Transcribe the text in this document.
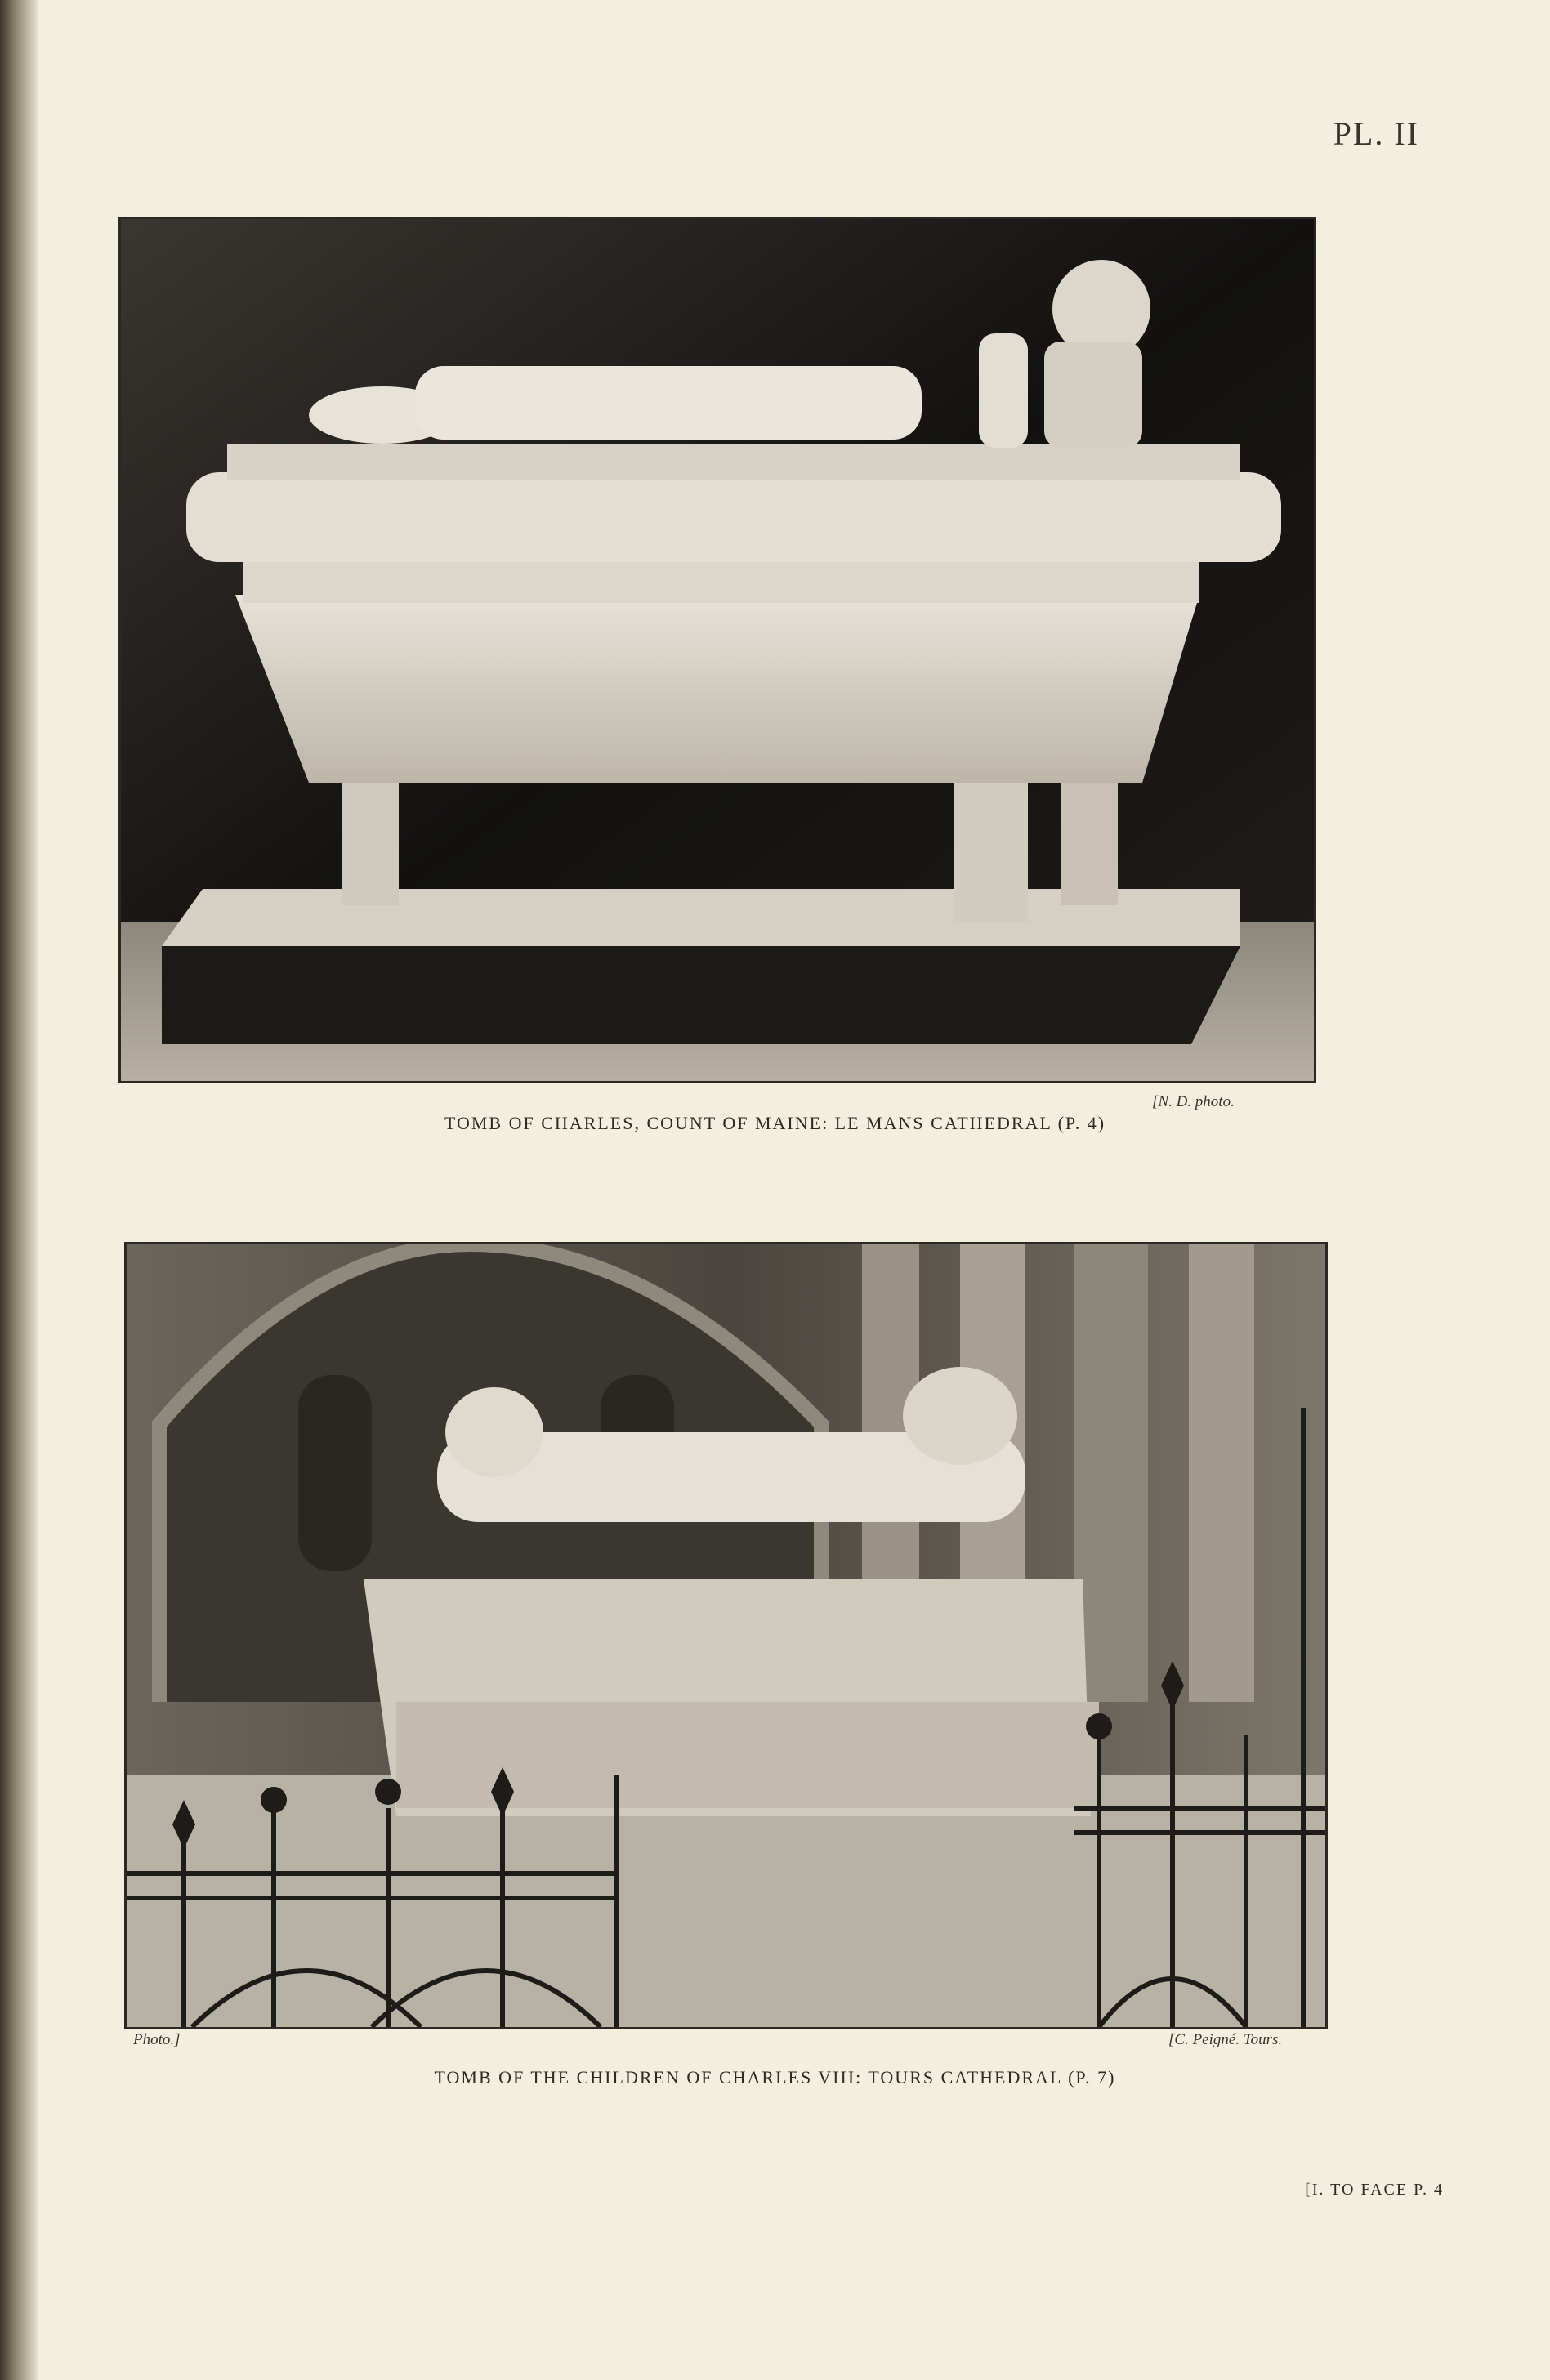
PL. II
[N. D. photo.
TOMB OF CHARLES, COUNT OF MAINE: LE MANS CATHEDRAL (P. 4)
Photo.]	[C. Peigné. Tours.
TOMB OF THE CHILDREN OF CHARLES VIII: TOURS CATHEDRAL (P. 7)
[I. TO FACE P. 4
